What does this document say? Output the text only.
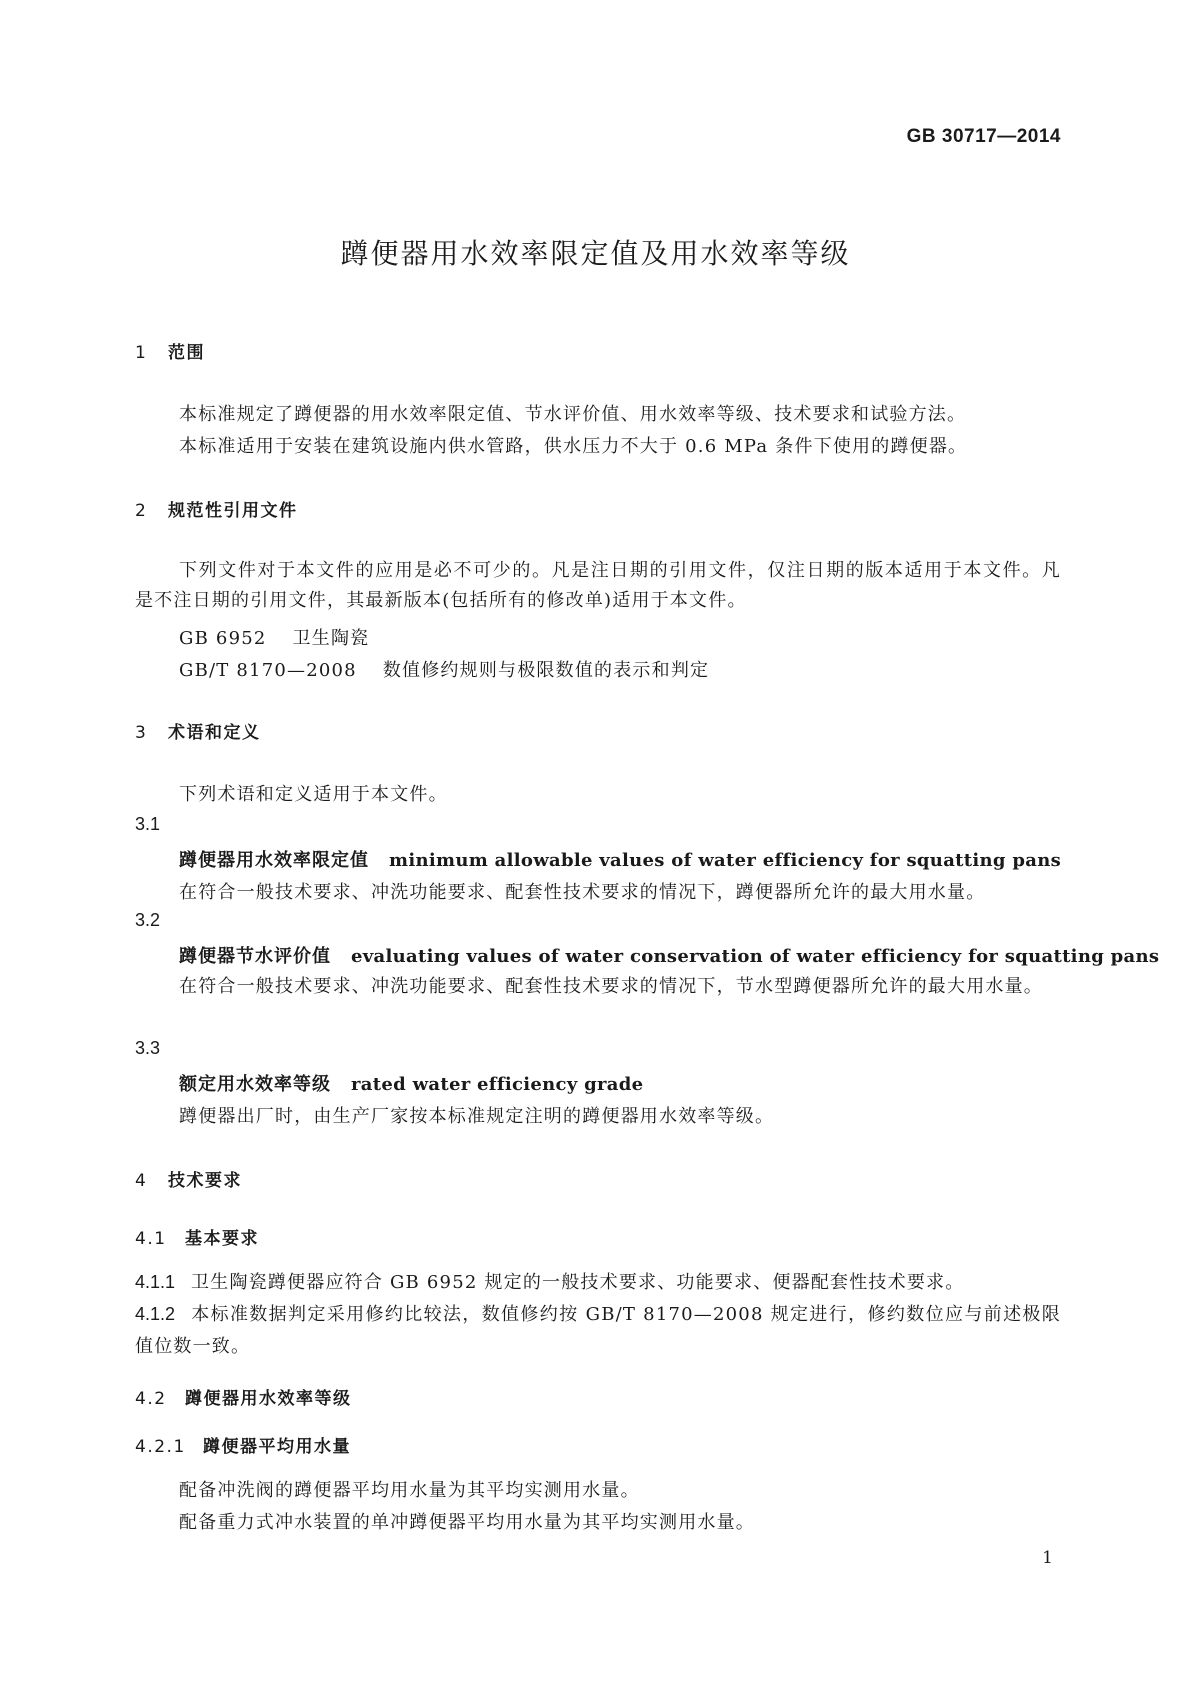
GB 30717—2014
蹲便器用水效率限定值及用水效率等级
1 范围
本标准规定了蹲便器的用水效率限定值、节水评价值、用水效率等级、技术要求和试验方法。
本标准适用于安装在建筑设施内供水管路，供水压力不大于 0.6 MPa 条件下使用的蹲便器。
2 规范性引用文件
下列文件对于本文件的应用是必不可少的。凡是注日期的引用文件，仅注日期的版本适用于本文件。凡是不注日期的引用文件，其最新版本(包括所有的修改单)适用于本文件。
GB 6952 卫生陶瓷
GB/T 8170—2008 数值修约规则与极限数值的表示和判定
3 术语和定义
下列术语和定义适用于本文件。
3.1
蹲便器用水效率限定值 minimum allowable values of water efficiency for squatting pans
在符合一般技术要求、冲洗功能要求、配套性技术要求的情况下，蹲便器所允许的最大用水量。
3.2
蹲便器节水评价值 evaluating values of water conservation of water efficiency for squatting pans
在符合一般技术要求、冲洗功能要求、配套性技术要求的情况下，节水型蹲便器所允许的最大用水量。
3.3
额定用水效率等级 rated water efficiency grade
蹲便器出厂时，由生产厂家按本标准规定注明的蹲便器用水效率等级。
4 技术要求
4.1 基本要求
4.1.1 卫生陶瓷蹲便器应符合 GB 6952 规定的一般技术要求、功能要求、便器配套性技术要求。
4.1.2 本标准数据判定采用修约比较法，数值修约按 GB/T 8170—2008 规定进行，修约数位应与前述极限值位数一致。
4.2 蹲便器用水效率等级
4.2.1 蹲便器平均用水量
配备冲洗阀的蹲便器平均用水量为其平均实测用水量。
配备重力式冲水装置的单冲蹲便器平均用水量为其平均实测用水量。
1
